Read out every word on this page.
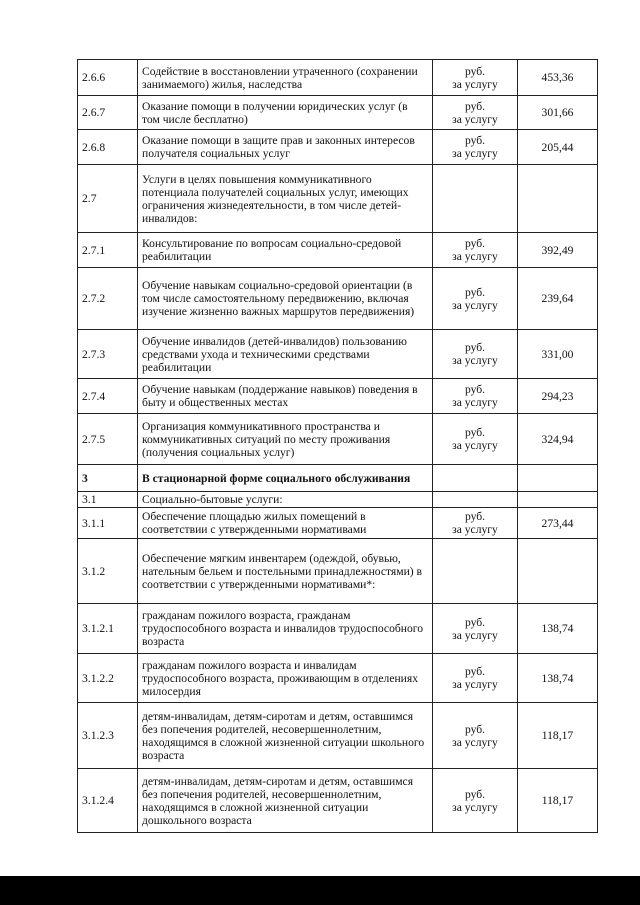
2.6.6	Содействие в восстановлении утраченного (сохранении занимаемого) жилья, наследства	руб.
за услугу	453,36
2.6.7	Оказание помощи в получении юридических услуг (в том числе бесплатно)	руб.
за услугу	301,66
2.6.8	Оказание помощи в защите прав и законных интересов получателя социальных услуг	руб.
за услугу	205,44
2.7	Услуги в целях повышения коммуникативного потенциала получателей социальных услуг, имеющих ограничения жизнедеятельности, в том числе детей-инвалидов:	

2.7.1	Консультирование по вопросам социально-средовой реабилитации	руб.
за услугу	392,49
2.7.2	Обучение навыкам социально-средовой ориентации (в том числе самостоятельному передвижению, включая изучение жизненно важных маршрутов передвижения)	руб.
за услугу	239,64
2.7.3	Обучение инвалидов (детей-инвалидов) пользованию средствами ухода и техническими средствами реабилитации	руб.
за услугу	331,00
2.7.4	Обучение навыкам (поддержание навыков) поведения в быту и общественных местах	руб.
за услугу	294,23
2.7.5	Организация коммуникативного пространства и коммуникативных ситуаций по месту проживания (получения социальных услуг)	руб.
за услугу	324,94
3	В стационарной форме социального обслуживания	

3.1	Социально-бытовые услуги:	

3.1.1	Обеспечение площадью жилых помещений в соответствии с утвержденными нормативами	руб.
за услугу	273,44
3.1.2	Обеспечение мягким инвентарем (одеждой, обувью, нательным бельем и постельными принадлежностями) в соответствии с утвержденными нормативами*:	

3.1.2.1	гражданам пожилого возраста, гражданам трудоспособного возраста и инвалидов трудоспособного возраста	руб.
за услугу	138,74
3.1.2.2	гражданам пожилого возраста и инвалидам трудоспособного возраста, проживающим в отделениях милосердия	руб.
за услугу	138,74
3.1.2.3	детям-инвалидам, детям-сиротам и детям, оставшимся без попечения родителей, несовершеннолетним, находящимся в сложной жизненной ситуации школьного возраста	руб.
за услугу	118,17
3.1.2.4	детям-инвалидам, детям-сиротам и детям, оставшимся без попечения родителей, несовершеннолетним, находящимся в сложной жизненной ситуации дошкольного возраста	руб.
за услугу	118,17
